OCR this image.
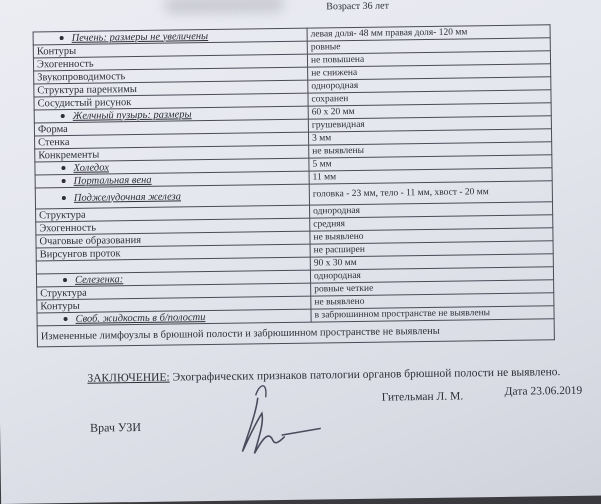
Возраст 36 лет
Печень: размеры не увеличены	левая доля- 48 мм правая доля- 120 мм
Контуры	ровные
Эхогенность	не повышена
Звукопроводимость	не снижена
Структура паренхимы	однородная
Сосудистый рисунок	сохранен
Желчный пузырь: размеры	60 х 20 мм
Форма	грушевидная
Стенка	3 мм
Конкременты	не выявлены
Холедох	5 мм
Портальная вена	11 мм
Поджелудочная железа	головка - 23 мм, тело - 11 мм, хвост - 20 мм
Структура	однородная
Эхогенность	средняя
Очаговые образования	не выявлено
Вирсунгов проток	не расширен
	90 х 30 мм
Селезенка:	однородная
Структура	ровные четкие
Контуры	не выявлено
Своб. жидкость в б/полости	в забрюшинном пространстве не выявлены
Измененные лимфоузлы в брюшной полости и забрюшинном пространстве не выявлены	
ЗАКЛЮЧЕНИЕ: Эхографических признаков патологии органов брюшной полости не выявлено.
Гительман Л. М.	Дата 23.06.2019
Врач УЗИ
